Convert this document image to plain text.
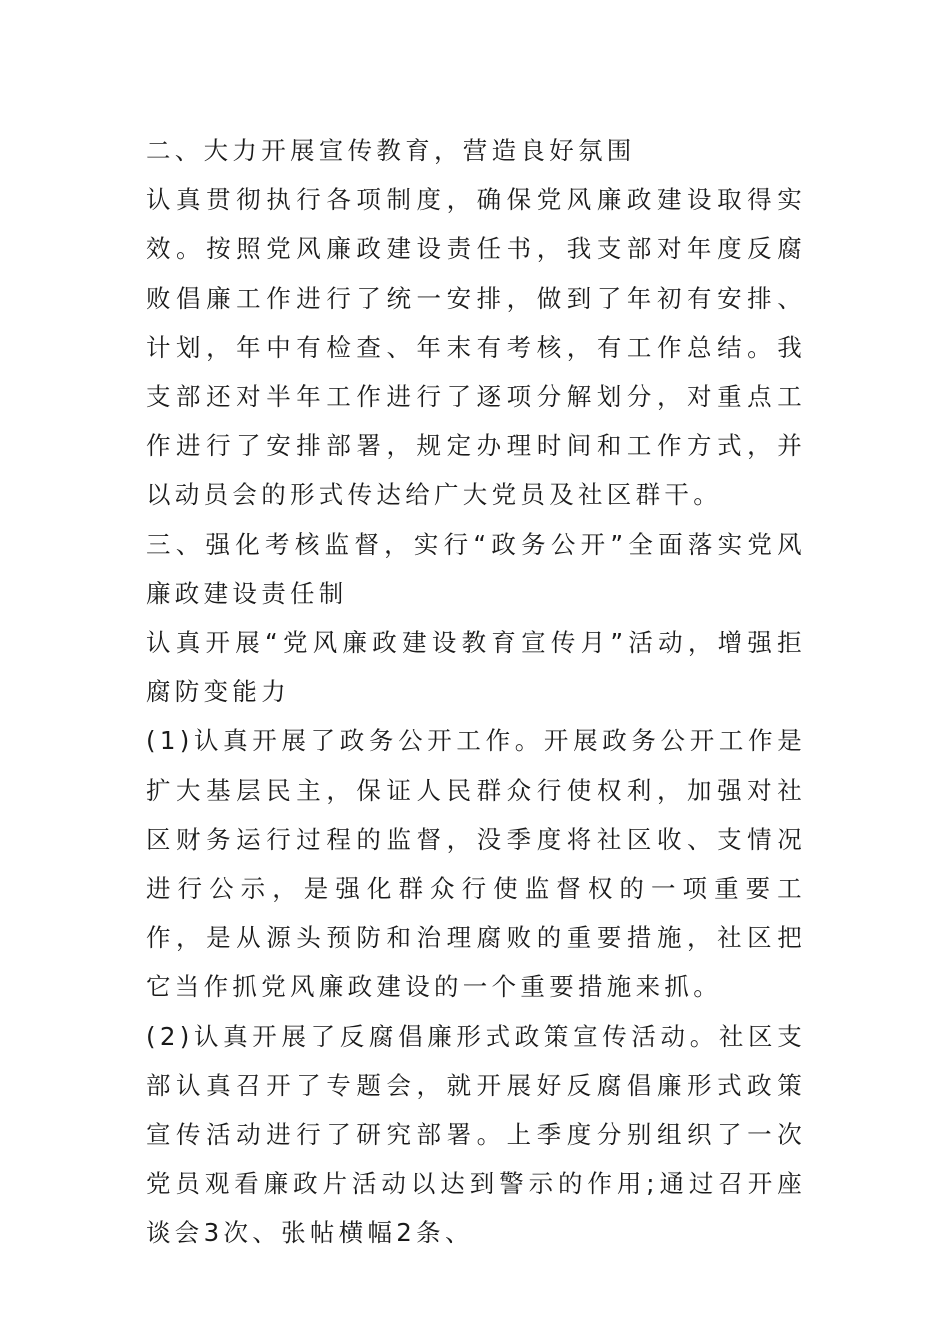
二、大力开展宣传教育，营造良好氛围

认真贯彻执行各项制度，确保党风廉政建设取得实效。按照党风廉政建设责任书，我支部对年度反腐败倡廉工作进行了统一安排，做到了年初有安排、计划，年中有检查、年末有考核，有工作总结。我支部还对半年工作进行了逐项分解划分，对重点工作进行了安排部署，规定办理时间和工作方式，并以动员会的形式传达给广大党员及社区群干。

三、强化考核监督，实行“政务公开”全面落实党风廉政建设责任制

认真开展“党风廉政建设教育宣传月”活动，增强拒腐防变能力

(1)认真开展了政务公开工作。开展政务公开工作是扩大基层民主，保证人民群众行使权利，加强对社区财务运行过程的监督，没季度将社区收、支情况进行公示，是强化群众行使监督权的一项重要工作，是从源头预防和治理腐败的重要措施，社区把它当作抓党风廉政建设的一个重要措施来抓。

(2)认真开展了反腐倡廉形式政策宣传活动。社区支部认真召开了专题会，就开展好反腐倡廉形式政策宣传活动进行了研究部署。上季度分别组织了一次党员观看廉政片活动以达到警示的作用;通过召开座谈会3次、张帖横幅2条、
